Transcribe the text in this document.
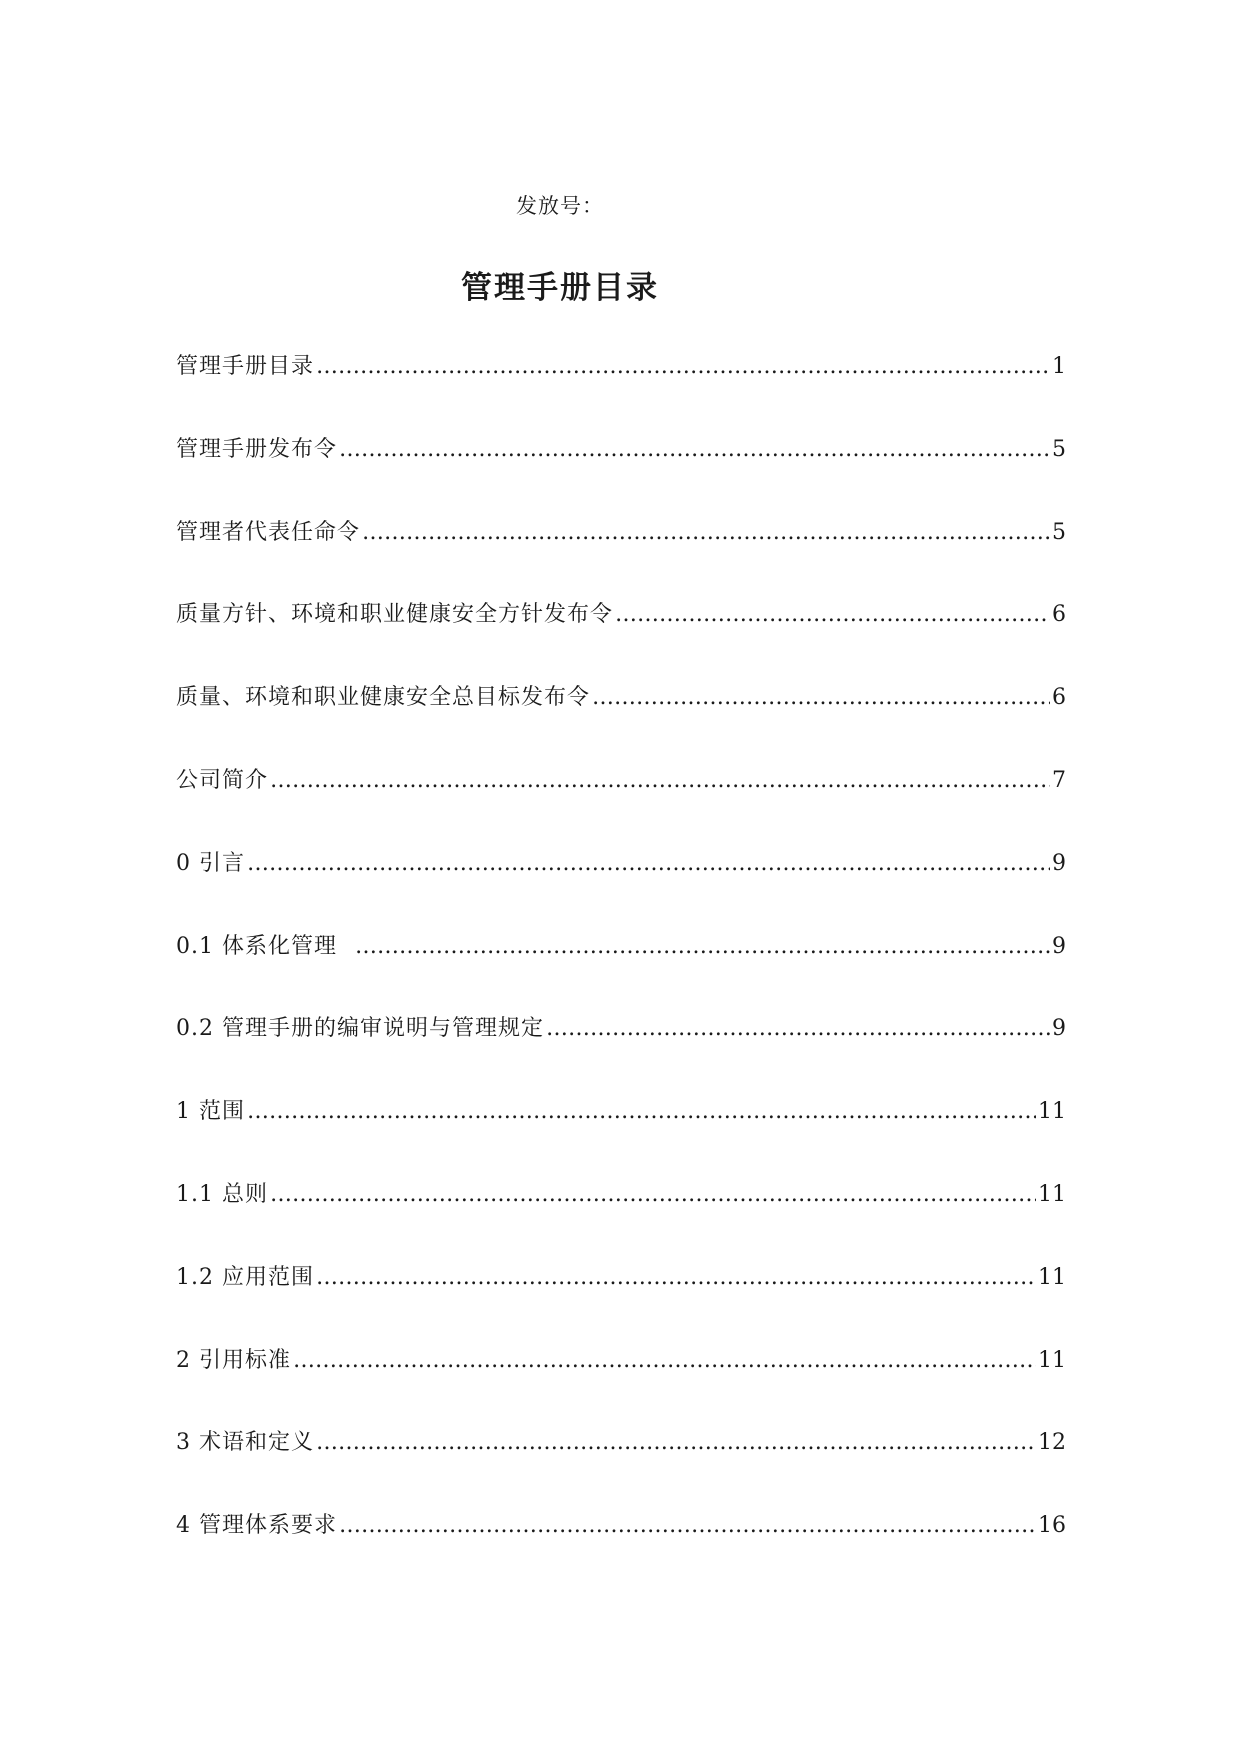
发放号：
管理手册目录
管理手册目录 …………………………………………………………………………………………………………………………………………………………………………………………………	1
管理手册发布令 …………………………………………………………………………………………………………………………………………………………………………………………………	5
管理者代表任命令 …………………………………………………………………………………………………………………………………………………………………………………………………	5
质量方针、环境和职业健康安全方针发布令 …………………………………………………………………………………………………………………………………………………………………………………………………	6
质量、环境和职业健康安全总目标发布令 …………………………………………………………………………………………………………………………………………………………………………………………………	6
公司简介 …………………………………………………………………………………………………………………………………………………………………………………………………	7
0 引言 …………………………………………………………………………………………………………………………………………………………………………………………………	9
0.1 体系化管理 …………………………………………………………………………………………………………………………………………………………………………………………………	9
0.2 管理手册的编审说明与管理规定 …………………………………………………………………………………………………………………………………………………………………………………………………	9
1 范围 …………………………………………………………………………………………………………………………………………………………………………………………………	11
1.1 总则 …………………………………………………………………………………………………………………………………………………………………………………………………	11
1.2 应用范围 …………………………………………………………………………………………………………………………………………………………………………………………………	11
2 引用标准 …………………………………………………………………………………………………………………………………………………………………………………………………	11
3 术语和定义 …………………………………………………………………………………………………………………………………………………………………………………………………	12
4 管理体系要求 …………………………………………………………………………………………………………………………………………………………………………………………………	16
